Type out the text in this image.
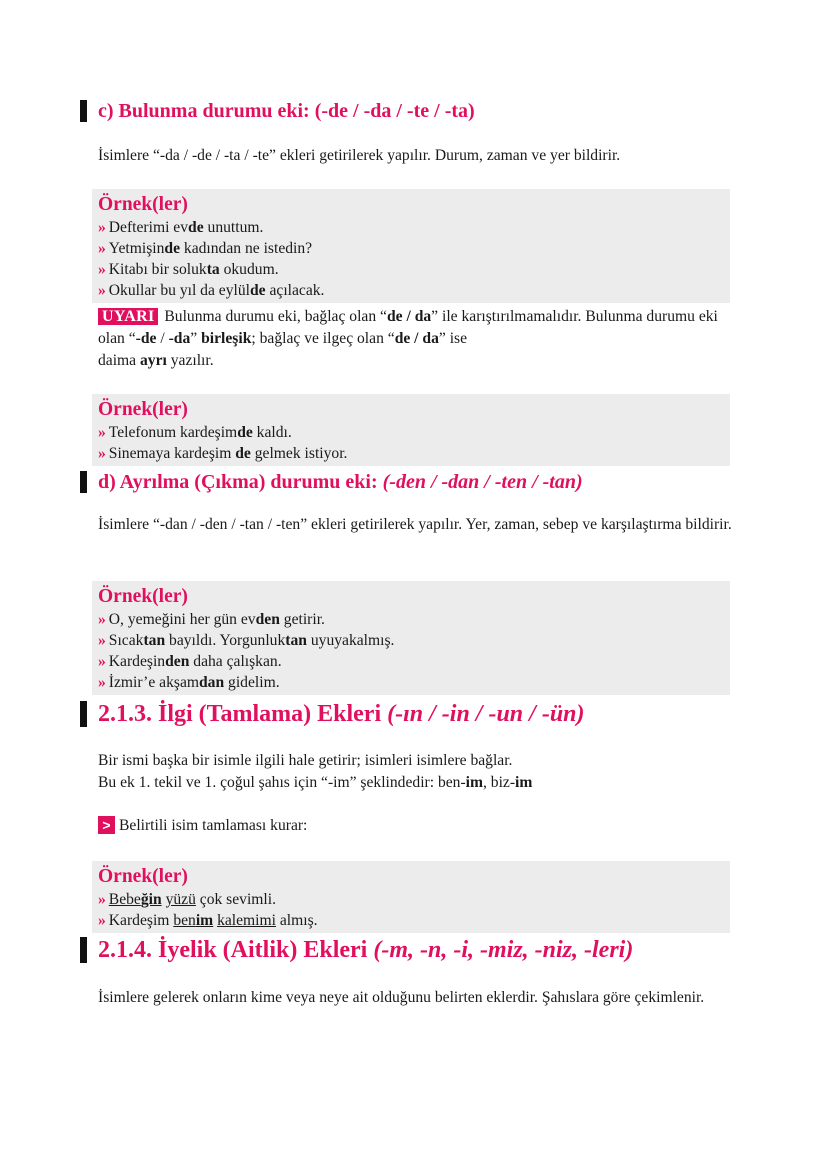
c) Bulunma durumu eki: (-de / -da / -te / -ta)
İsimlere “-da / -de / -ta / -te” ekleri getirilerek yapılır. Durum, zaman ve yer bildirir.
Örnek(ler)
» Defterimi evde unuttum.
» Yetmişinde kadından ne istedin?
» Kitabı bir solukta okudum.
» Okullar bu yıl da eylülde açılacak.
UYARI Bulunma durumu eki, bağlaç olan “de / da” ile karıştırılmamalıdır. Bulunma durumu eki olan “-de / -da” birleşik; bağlaç ve ilgeç olan “de / da” ise
daima ayrı yazılır.
Örnek(ler)
» Telefonum kardeşimde kaldı.
» Sinemaya kardeşim de gelmek istiyor.
d) Ayrılma (Çıkma) durumu eki: (-den / -dan / -ten / -tan)
İsimlere “-dan / -den / -tan / -ten” ekleri getirilerek yapılır. Yer, zaman, sebep ve karşılaştırma bildirir.
Örnek(ler)
» O, yemeğini her gün evden getirir.
» Sıcaktan bayıldı. Yorgunluktan uyuyakalmış.
» Kardeşinden daha çalışkan.
» İzmir’e akşamdan gidelim.
2.1.3. İlgi (Tamlama) Ekleri (-ın / -in / -un / -ün)
Bir ismi başka bir isimle ilgili hale getirir; isimleri isimlere bağlar.
Bu ek 1. tekil ve 1. çoğul şahıs için “-im” şeklindedir: ben-im, biz-im
> Belirtili isim tamlaması kurar:
Örnek(ler)
» Bebeğin yüzü çok sevimli.
» Kardeşim benim kalemimi almış.
2.1.4. İyelik (Aitlik) Ekleri (-m, -n, -i, -miz, -niz, -leri)
İsimlere gelerek onların kime veya neye ait olduğunu belirten eklerdir. Şahıslara göre çekimlenir.
